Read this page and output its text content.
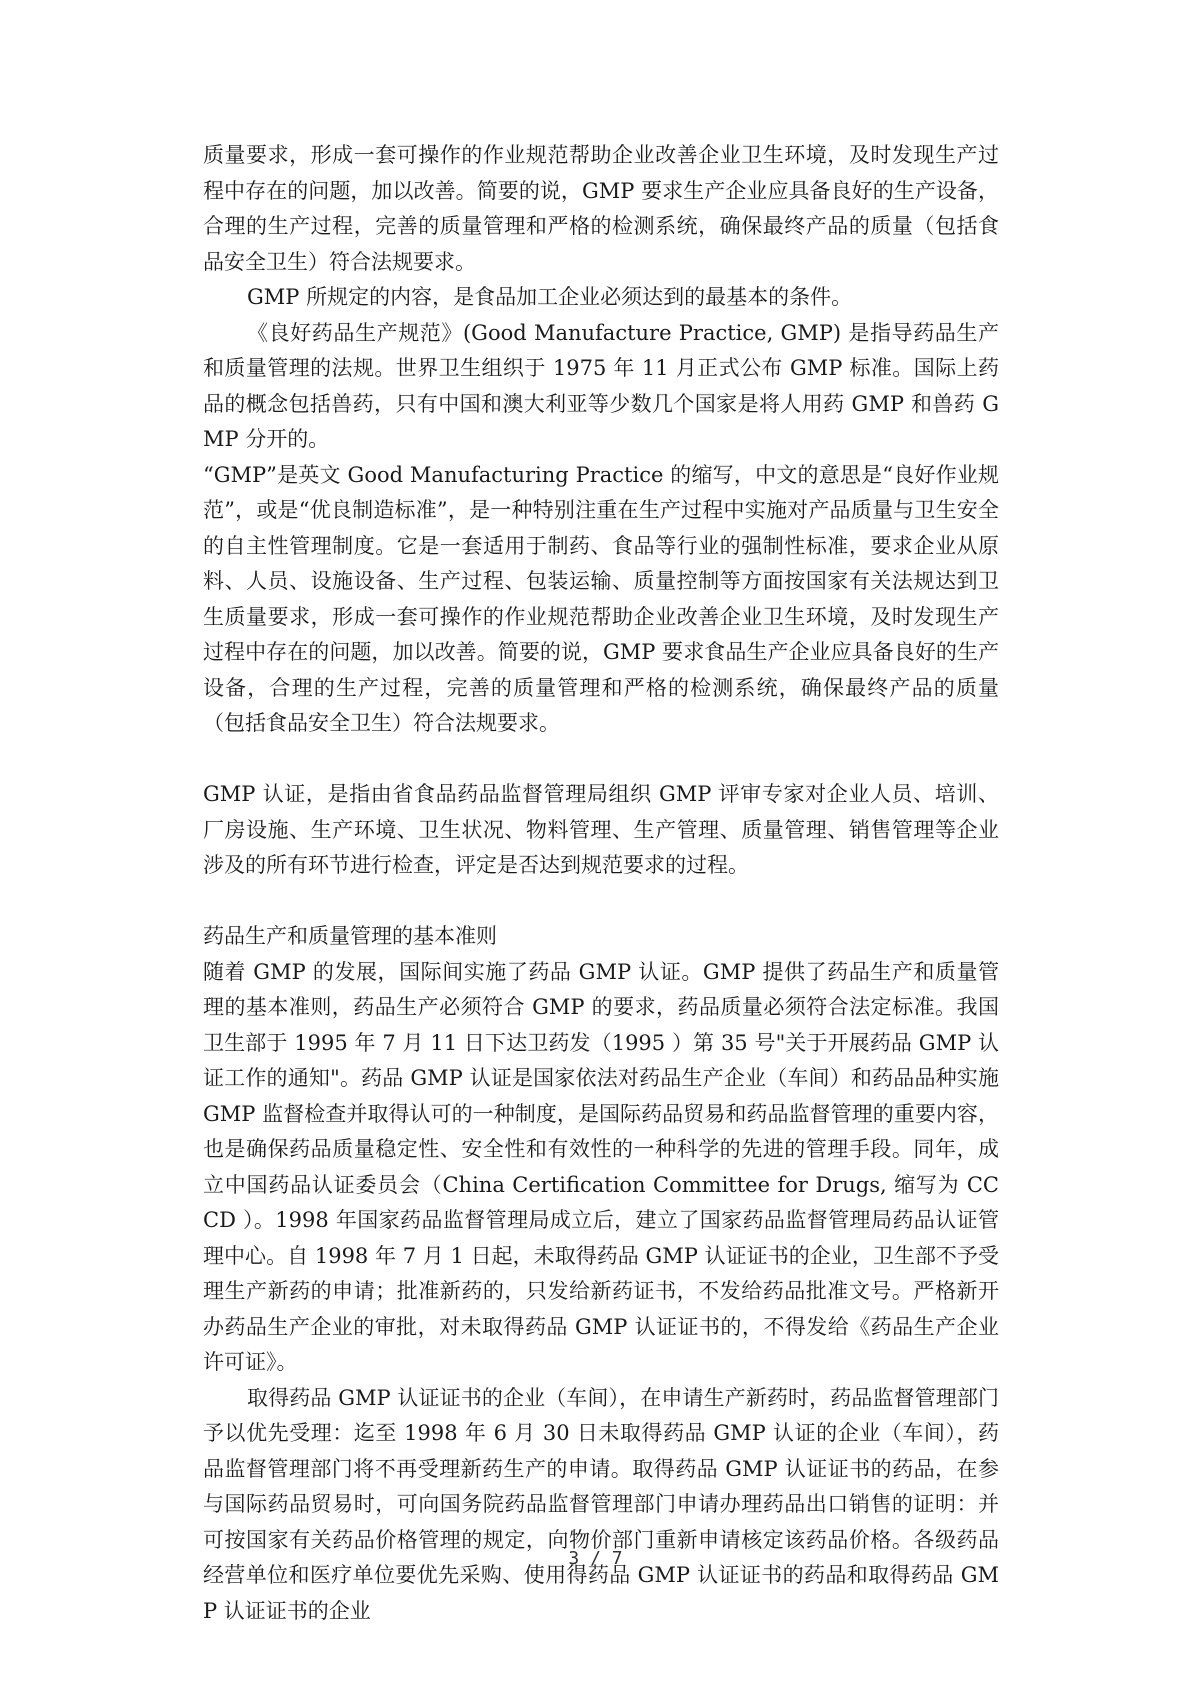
质量要求，形成一套可操作的作业规范帮助企业改善企业卫生环境，及时发现生产过程中存在的问题，加以改善。简要的说，GMP 要求生产企业应具备良好的生产设备，合理的生产过程，完善的质量管理和严格的检测系统，确保最终产品的质量（包括食品安全卫生）符合法规要求。

GMP 所规定的内容，是食品加工企业必须达到的最基本的条件。

《良好药品生产规范》(Good Manufacture Practice, GMP) 是指导药品生产和质量管理的法规。世界卫生组织于 1975 年 11 月正式公布 GMP 标准。国际上药品的概念包括兽药，只有中国和澳大利亚等少数几个国家是将人用药 GMP 和兽药 GMP 分开的。

“GMP”是英文 Good Manufacturing Practice 的缩写，中文的意思是“良好作业规范”，或是“优良制造标准”，是一种特别注重在生产过程中实施对产品质量与卫生安全的自主性管理制度。它是一套适用于制药、食品等行业的强制性标准，要求企业从原料、人员、设施设备、生产过程、包装运输、质量控制等方面按国家有关法规达到卫生质量要求，形成一套可操作的作业规范帮助企业改善企业卫生环境，及时发现生产过程中存在的问题，加以改善。简要的说，GMP 要求食品生产企业应具备良好的生产设备，合理的生产过程，完善的质量管理和严格的检测系统，确保最终产品的质量（包括食品安全卫生）符合法规要求。

GMP 认证，是指由省食品药品监督管理局组织 GMP 评审专家对企业人员、培训、厂房设施、生产环境、卫生状况、物料管理、生产管理、质量管理、销售管理等企业涉及的所有环节进行检查，评定是否达到规范要求的过程。

药品生产和质量管理的基本准则

随着 GMP 的发展，国际间实施了药品 GMP 认证。GMP 提供了药品生产和质量管理的基本准则，药品生产必须符合 GMP 的要求，药品质量必须符合法定标准。我国卫生部于 1995 年 7 月 11 日下达卫药发（1995 ）第 35 号"关于开展药品 GMP 认证工作的通知"。药品 GMP 认证是国家依法对药品生产企业（车间）和药品品种实施 GMP 监督检查并取得认可的一种制度，是国际药品贸易和药品监督管理的重要内容，也是确保药品质量稳定性、安全性和有效性的一种科学的先进的管理手段。同年，成立中国药品认证委员会（China Certification Committee for Drugs, 缩写为 CCCD ）。1998 年国家药品监督管理局成立后，建立了国家药品监督管理局药品认证管理中心。自 1998 年 7 月 1 日起，未取得药品 GMP 认证证书的企业，卫生部不予受理生产新药的申请；批准新药的，只发给新药证书，不发给药品批准文号。严格新开办药品生产企业的审批，对未取得药品 GMP 认证证书的，不得发给《药品生产企业许可证》。

取得药品 GMP 认证证书的企业（车间），在申请生产新药时，药品监督管理部门予以优先受理：迄至 1998 年 6 月 30 日未取得药品 GMP 认证的企业（车间），药品监督管理部门将不再受理新药生产的申请。取得药品 GMP 认证证书的药品，在参与国际药品贸易时，可向国务院药品监督管理部门申请办理药品出口销售的证明：并可按国家有关药品价格管理的规定，向物价部门重新申请核定该药品价格。各级药品经营单位和医疗单位要优先采购、使用得药品 GMP 认证证书的药品和取得药品 GMP 认证证书的企业

3 / 7
